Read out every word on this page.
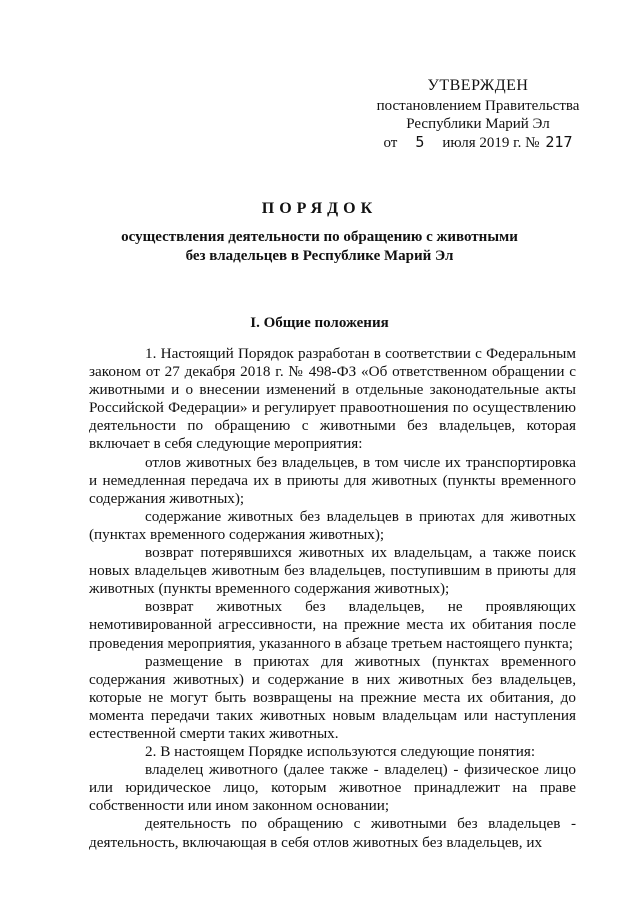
УТВЕРЖДЕН
постановлением Правительства
Республики Марий Эл
от 5 июля 2019 г. № 217
ПОРЯДОК
осуществления деятельности по обращению с животными
без владельцев в Республике Марий Эл
I. Общие положения

1. Настоящий Порядок разработан в соответствии с Федеральным законом от 27 декабря 2018 г. № 498-ФЗ «Об ответственном обращении с животными и о внесении изменений в отдельные законодательные акты Российской Федерации» и регулирует правоотношения по осуществлению деятельности по обращению с животными без владельцев, которая включает в себя следующие мероприятия:

отлов животных без владельцев, в том числе их транспортировка и немедленная передача их в приюты для животных (пункты временного содержания животных);

содержание животных без владельцев в приютах для животных (пунктах временного содержания животных);

возврат потерявшихся животных их владельцам, а также поиск новых владельцев животным без владельцев, поступившим в приюты для животных (пункты временного содержания животных);

возврат животных без владельцев, не проявляющих немотивированной агрессивности, на прежние места их обитания после проведения мероприятия, указанного в абзаце третьем настоящего пункта;

размещение в приютах для животных (пунктах временного содержания животных) и содержание в них животных без владельцев, которые не могут быть возвращены на прежние места их обитания, до момента передачи таких животных новым владельцам или наступления естественной смерти таких животных.

2. В настоящем Порядке используются следующие понятия:

владелец животного (далее также - владелец) - физическое лицо или юридическое лицо, которым животное принадлежит на праве собственности или ином законном основании;

деятельность по обращению с животными без владельцев - деятельность, включающая в себя отлов животных без владельцев, их
